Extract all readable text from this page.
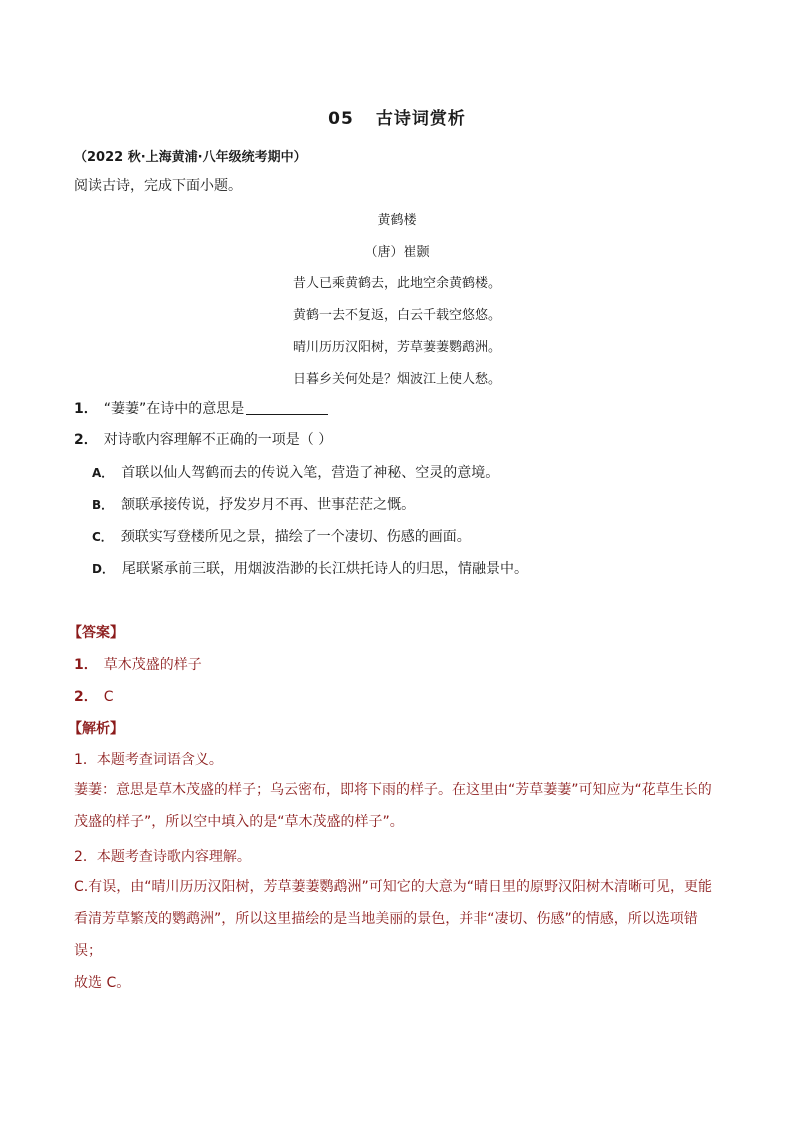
05 古诗词赏析
（2022 秋·上海黄浦·八年级统考期中）
阅读古诗，完成下面小题。
黄鹤楼
（唐）崔颢
昔人已乘黄鹤去，此地空余黄鹤楼。
黄鹤一去不复返，白云千载空悠悠。
晴川历历汉阳树，芳草萋萋鹦鹉洲。
日暮乡关何处是？烟波江上使人愁。
1． “萋萋”在诗中的意思是
2． 对诗歌内容理解不正确的一项是（ ）
A． 首联以仙人驾鹤而去的传说入笔，营造了神秘、空灵的意境。
B． 颔联承接传说，抒发岁月不再、世事茫茫之慨。
C． 颈联实写登楼所见之景，描绘了一个凄切、伤感的画面。
D． 尾联紧承前三联，用烟波浩渺的长江烘托诗人的归思，情融景中。
【答案】
1． 草木茂盛的样子
2． C
【解析】
1．本题考查词语含义。
萋萋：意思是草木茂盛的样子；乌云密布，即将下雨的样子。在这里由“芳草萋萋”可知应为“花草生长的茂盛的样子”，所以空中填入的是“草木茂盛的样子”。
2．本题考查诗歌内容理解。
C.有误，由“晴川历历汉阳树，芳草萋萋鹦鹉洲”可知它的大意为“晴日里的原野汉阳树木清晰可见，更能看清芳草繁茂的鹦鹉洲”，所以这里描绘的是当地美丽的景色，并非“凄切、伤感”的情感，所以选项错误；
故选 C。
